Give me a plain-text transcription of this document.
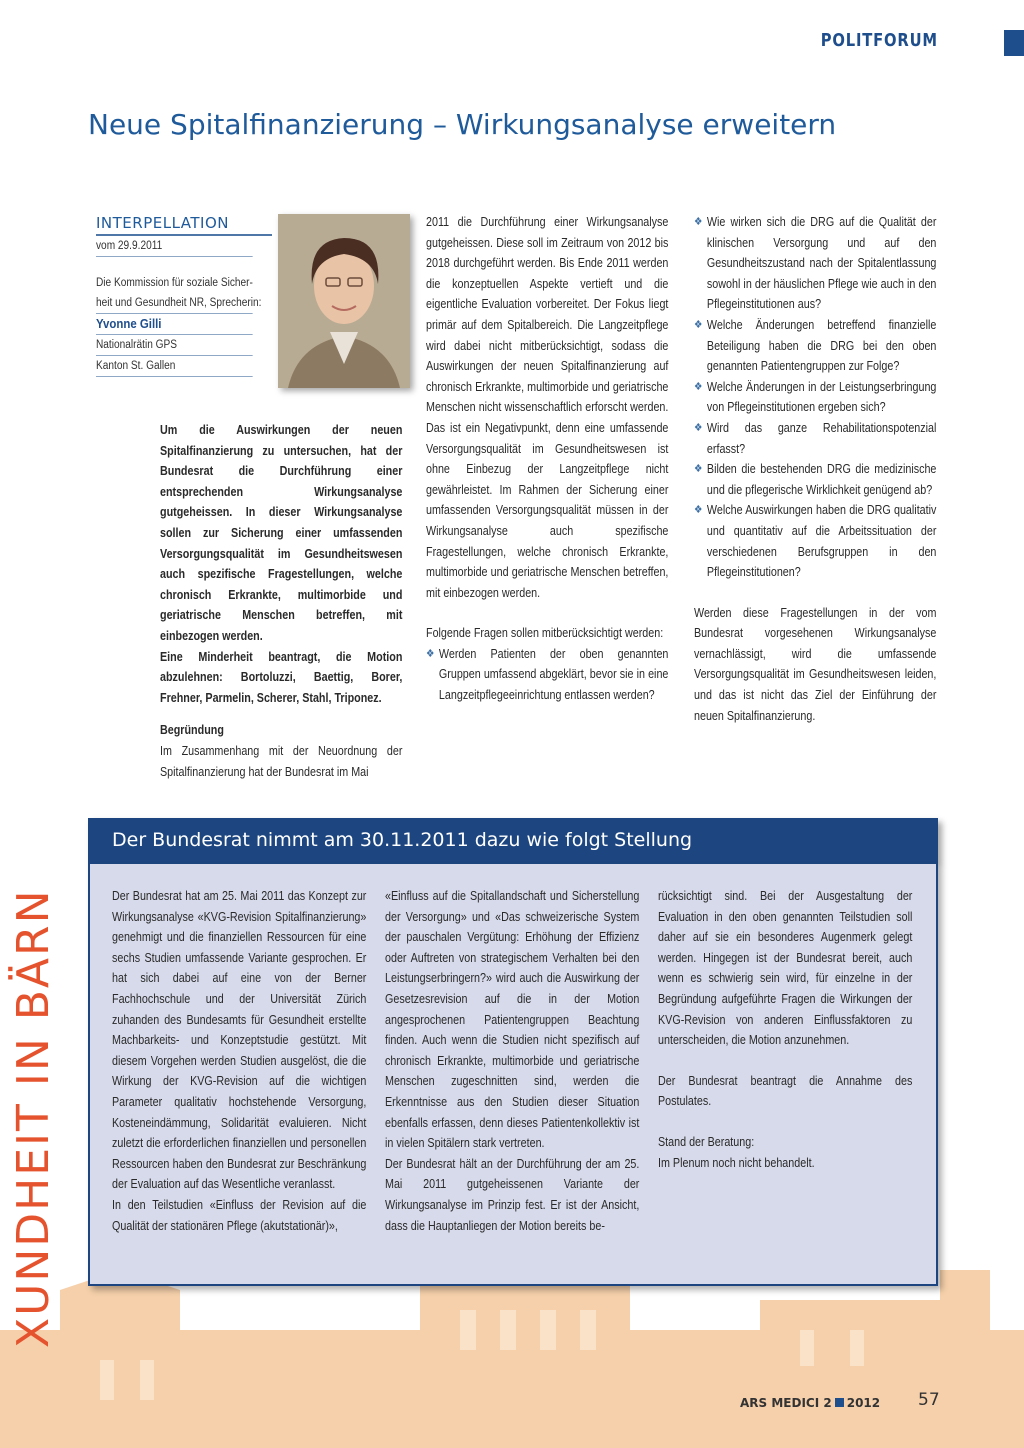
POLITFORUM
Neue Spitalfinanzierung – Wirkungsanalyse erweitern
INTERPELLATION
vom 29.9.2011
Die Kommission für soziale Sicher-
heit und Gesundheit NR, Sprecherin:
Yvonne Gilli
Nationalrätin GPS
Kanton St. Gallen

Um die Auswirkungen der neuen Spitalfinanzierung zu untersuchen, hat der Bundesrat die Durchführung einer entsprechenden Wirkungsanalyse gutgeheissen. In dieser Wirkungsanalyse sollen zur Sicherung einer umfassenden Versorgungsqualität im Gesundheitswesen auch spezifische Fragestellungen, welche chronisch Erkrankte, multimorbide und geriatrische Menschen betreffen, mit einbezogen werden.

Eine Minderheit beantragt, die Motion abzulehnen: Bortoluzzi, Baettig, Borer, Frehner, Parmelin, Scherer, Stahl, Triponez.

Begründung

Im Zusammenhang mit der Neuordnung der Spitalfinanzierung hat der Bundesrat im Mai

2011 die Durchführung einer Wirkungsanalyse gutgeheissen. Diese soll im Zeitraum von 2012 bis 2018 durchgeführt werden. Bis Ende 2011 werden die konzeptuellen Aspekte vertieft und die eigentliche Evaluation vorbereitet. Der Fokus liegt primär auf dem Spitalbereich. Die Langzeitpflege wird dabei nicht mitberücksichtigt, sodass die Auswirkungen der neuen Spitalfinanzierung auf chronisch Erkrankte, multimorbide und geriatrische Menschen nicht wissenschaftlich erforscht werden. Das ist ein Negativpunkt, denn eine umfassende Versorgungsqualität im Gesundheitswesen ist ohne Einbezug der Langzeitpflege nicht gewährleistet. Im Rahmen der Sicherung einer umfassenden Versorgungsqualität müssen in der Wirkungsanalyse auch spezifische Fragestellungen, welche chronisch Erkrankte, multimorbide und geriatrische Menschen betreffen, mit einbezogen werden.

Folgende Fragen sollen mitberücksichtigt werden:

❖ Werden Patienten der oben genannten Gruppen umfassend abgeklärt, bevor sie in eine Langzeitpflegeeinrichtung entlassen werden?

❖ Wie wirken sich die DRG auf die Qualität der klinischen Versorgung und auf den Gesundheitszustand nach der Spitalentlassung sowohl in der häuslichen Pflege wie auch in den Pflegeinstitutionen aus?

❖ Welche Änderungen betreffend finanzielle Beteiligung haben die DRG bei den oben genannten Patientengruppen zur Folge?

❖ Welche Änderungen in der Leistungserbringung von Pflegeinstitutionen ergeben sich?

❖ Wird das ganze Rehabilitationspotenzial erfasst?

❖ Bilden die bestehenden DRG die medizinische und die pflegerische Wirklichkeit genügend ab?

❖ Welche Auswirkungen haben die DRG qualitativ und quantitativ auf die Arbeitssituation der verschiedenen Berufsgruppen in den Pflegeinstitutionen?

Werden diese Fragestellungen in der vom Bundesrat vorgesehenen Wirkungsanalyse vernachlässigt, wird die umfassende Versorgungsqualität im Gesundheitswesen leiden, und das ist nicht das Ziel der Einführung der neuen Spitalfinanzierung.

Der Bundesrat nimmt am 30.11.2011 dazu wie folgt Stellung

Der Bundesrat hat am 25. Mai 2011 das Konzept zur Wirkungsanalyse «KVG-Revision Spitalfinanzierung» genehmigt und die finanziellen Ressourcen für eine sechs Studien umfassende Variante gesprochen. Er hat sich dabei auf eine von der Berner Fachhochschule und der Universität Zürich zuhanden des Bundesamts für Gesundheit erstellte Machbarkeits- und Konzeptstudie gestützt. Mit diesem Vorgehen werden Studien ausgelöst, die die Wirkung der KVG-Revision auf die wichtigen Parameter qualitativ hochstehende Versorgung, Kosteneindämmung, Solidarität evaluieren. Nicht zuletzt die erforderlichen finanziellen und personellen Ressourcen haben den Bundesrat zur Beschränkung der Evaluation auf das Wesentliche veranlasst.

In den Teilstudien «Einfluss der Revision auf die Qualität der stationären Pflege (akutstationär)»,

«Einfluss auf die Spitallandschaft und Sicherstellung der Versorgung» und «Das schweizerische System der pauschalen Vergütung: Erhöhung der Effizienz oder Auftreten von strategischem Verhalten bei den Leistungserbringern?» wird auch die Auswirkung der Gesetzesrevision auf die in der Motion angesprochenen Patientengruppen Beachtung finden. Auch wenn die Studien nicht spezifisch auf chronisch Erkrankte, multimorbide und geriatrische Menschen zugeschnitten sind, werden die Erkenntnisse aus den Studien dieser Situation ebenfalls erfassen, denn dieses Patientenkollektiv ist in vielen Spitälern stark vertreten.

Der Bundesrat hält an der Durchführung der am 25. Mai 2011 gutgeheissenen Variante der Wirkungsanalyse im Prinzip fest. Er ist der Ansicht, dass die Hauptanliegen der Motion bereits be-

rücksichtigt sind. Bei der Ausgestaltung der Evaluation in den oben genannten Teilstudien soll daher auf sie ein besonderes Augenmerk gelegt werden. Hingegen ist der Bundesrat bereit, auch wenn es schwierig sein wird, für einzelne in der Begründung aufgeführte Fragen die Wirkungen der KVG-Revision von anderen Einflussfaktoren zu unterscheiden, die Motion anzunehmen.

Der Bundesrat beantragt die Annahme des Postulates.

Stand der Beratung:

Im Plenum noch nicht behandelt.

XUNDHEIT IN BÄRN
ARS MEDICI 2 2012 57
